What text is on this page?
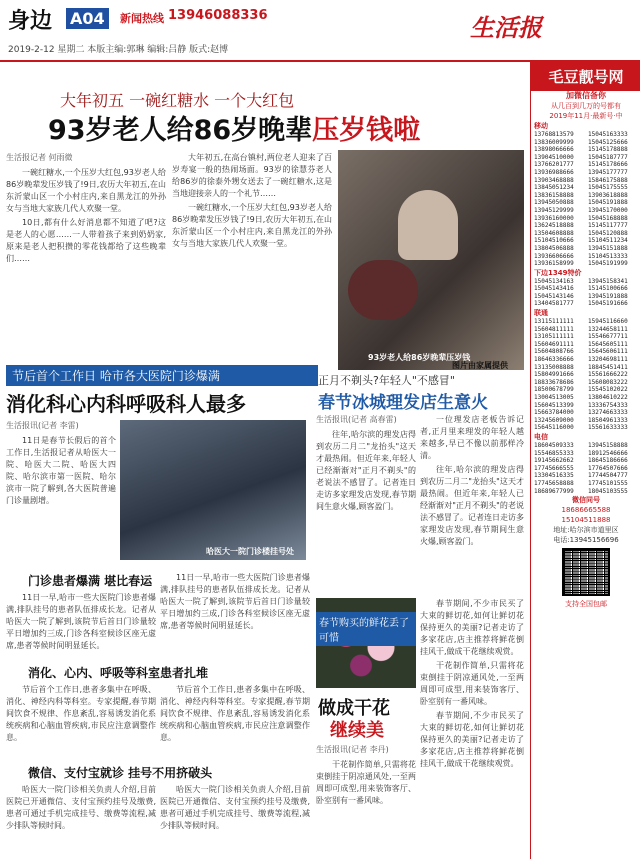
身边 A04	新闻热线 13946088336
2019-2-12 星期二 本版主编:郭琳 编辑:吕静 版式:赵博
生活报
大年初五 一碗红糖水 一个大红包
93岁老人给86岁晚辈压岁钱啦
生活报记者 何雨微

一碗红糖水,一个压岁大红包,93岁老人给86岁晚辈发压岁钱了!9日,农历大年初五,在山东沂蒙山区一个小村庄内,来自黑龙江的外孙女与当地大家族几代人欢聚一堂。

10日,都有什么好消息都不知道了吧?这是老人的心愿……一人带着孩子来到奶奶家,原来是老人把积攒的零花钱都给了这些晚辈们……

大年初五,在高台镇村,两位老人迎来了百岁寿宴一般的热闹场面。93岁的徐慧芬老人给86岁的徐泰外甥女送去了一碗红糖水,这是当地迎接亲人的一个礼节……

一碗红糖水,一个压岁大红包,93岁老人给86岁晚辈发压岁钱了!9日,农历大年初五,在山东沂蒙山区一个小村庄内,来自黑龙江的外孙女与当地大家族几代人欢聚一堂。

93岁老人给86岁晚辈压岁钱
图片由家属提供
节后首个工作日 哈市各大医院门诊爆满
消化科心内科呼吸科人最多
生活报讯(记者 李雷)

11日是春节长假后的首个工作日,生活报记者从哈医大一院、哈医大二院、哈医大四院、哈尔滨市第一医院、哈尔滨市一院了解到,各大医院普遍门诊量剧增。

哈医大一院门诊楼挂号处
门诊患者爆满 堪比春运

11日一早,哈市一些大医院门诊患者爆满,排队挂号的患者队伍排成长龙。记者从哈医大一院了解到,该院节后首日门诊量较平日增加约三成,门诊各科室候诊区座无虚席,患者等候时间明显延长。

11日一早,哈市一些大医院门诊患者爆满,排队挂号的患者队伍排成长龙。记者从哈医大一院了解到,该院节后首日门诊量较平日增加约三成,门诊各科室候诊区座无虚席,患者等候时间明显延长。

消化、心内、呼吸等科室患者扎堆

节后首个工作日,患者多集中在呼吸、消化、神经内科等科室。专家提醒,春节期间饮食不规律、作息紊乱,容易诱发消化系统疾病和心脑血管疾病,市民应注意调整作息。

节后首个工作日,患者多集中在呼吸、消化、神经内科等科室。专家提醒,春节期间饮食不规律、作息紊乱,容易诱发消化系统疾病和心脑血管疾病,市民应注意调整作息。

微信、支付宝就诊 挂号不用挤破头

哈医大一院门诊相关负责人介绍,目前医院已开通微信、支付宝预约挂号及缴费,患者可通过手机完成挂号、缴费等流程,减少排队等候时间。

哈医大一院门诊相关负责人介绍,目前医院已开通微信、支付宝预约挂号及缴费,患者可通过手机完成挂号、缴费等流程,减少排队等候时间。

正月不剃头?年轻人"不感冒"
春节冰城理发店生意火
生活报讯(记者 高春雷)

往年,哈尔滨的理发店得到农历二月二"龙抬头"这天才最热闹。但近年来,年轻人已经渐渐对"正月不剃头"的老说法不感冒了。记者连日走访多家理发店发现,春节期间生意火爆,顾客盈门。

一位理发店老板告诉记者,正月里来理发的年轻人越来越多,早已不像以前那样冷清。

往年,哈尔滨的理发店得到农历二月二"龙抬头"这天才最热闹。但近年来,年轻人已经渐渐对"正月不剃头"的老说法不感冒了。记者连日走访多家理发店发现,春节期间生意火爆,顾客盈门。

春节购买的鲜花丢了可惜
做成干花
继续美

春节期间,不少市民买了大束的鲜切花,如何让鲜切花保持更久的美丽?记者走访了多家花店,店主推荐将鲜花倒挂风干,做成干花继续观赏。

干花制作简单,只需将花束倒挂于阴凉通风处,一至两周即可成型,用来装饰客厅、卧室别有一番风味。

春节期间,不少市民买了大束的鲜切花,如何让鲜切花保持更久的美丽?记者走访了多家花店,店主推荐将鲜花倒挂风干,做成干花继续观赏。

生活报讯(记者 李丹)

干花制作简单,只需将花束倒挂于阴凉通风处,一至两周即可成型,用来装饰客厅、卧室别有一番风味。

毛豆靓号网
加微信备你
从几百到几万的号都有
2019年11月·最新号·中
移动
13768813579
13836009999
13898066666
13904510000
13766201777
13936988666
13903468888
13845051234
13836158888
13945050888
13945129999
13936160000
13624518888
13504608888
15104510666
13804506888
13936606666
13936158999
15045163333
15045125666
15145178888
15045187777
15145178666
13945177777
15846175888
15045175555
13903618888
15045191888
13945170000
15045168888
15145117777
15045120888
15104511234
13945151888
15104513333
15045191999
下边1349特价
15045134163
15045143416
15045143146
13404581777
13945158341
15145100666
13945191888
15045191666
联通
13115111111
15604811111
13105111111
15604691111
15604808766
18646336666
13135008888
15804991666
18833678686
18500678799
13004513005
15604513399
15663784000
13245609000
15645116000
15945116660
13244658111
15546677711
15645605111
15645606111
13204698111
18845451411
15561666222
15608083222
15545102022
13804610222
13336754333
13274663333
18504961333
15561633333
电信
18604509333
15546855333
19145662662
17745666555
13304516335
17745658888
18689677999
13945158888
18912546666
18645186666
17764507666
17744504777
17745101555
18045103555
微信同号
18686665588
15104511888
地址:哈尔滨市道里区
电话:13945156696
支持全国包邮
